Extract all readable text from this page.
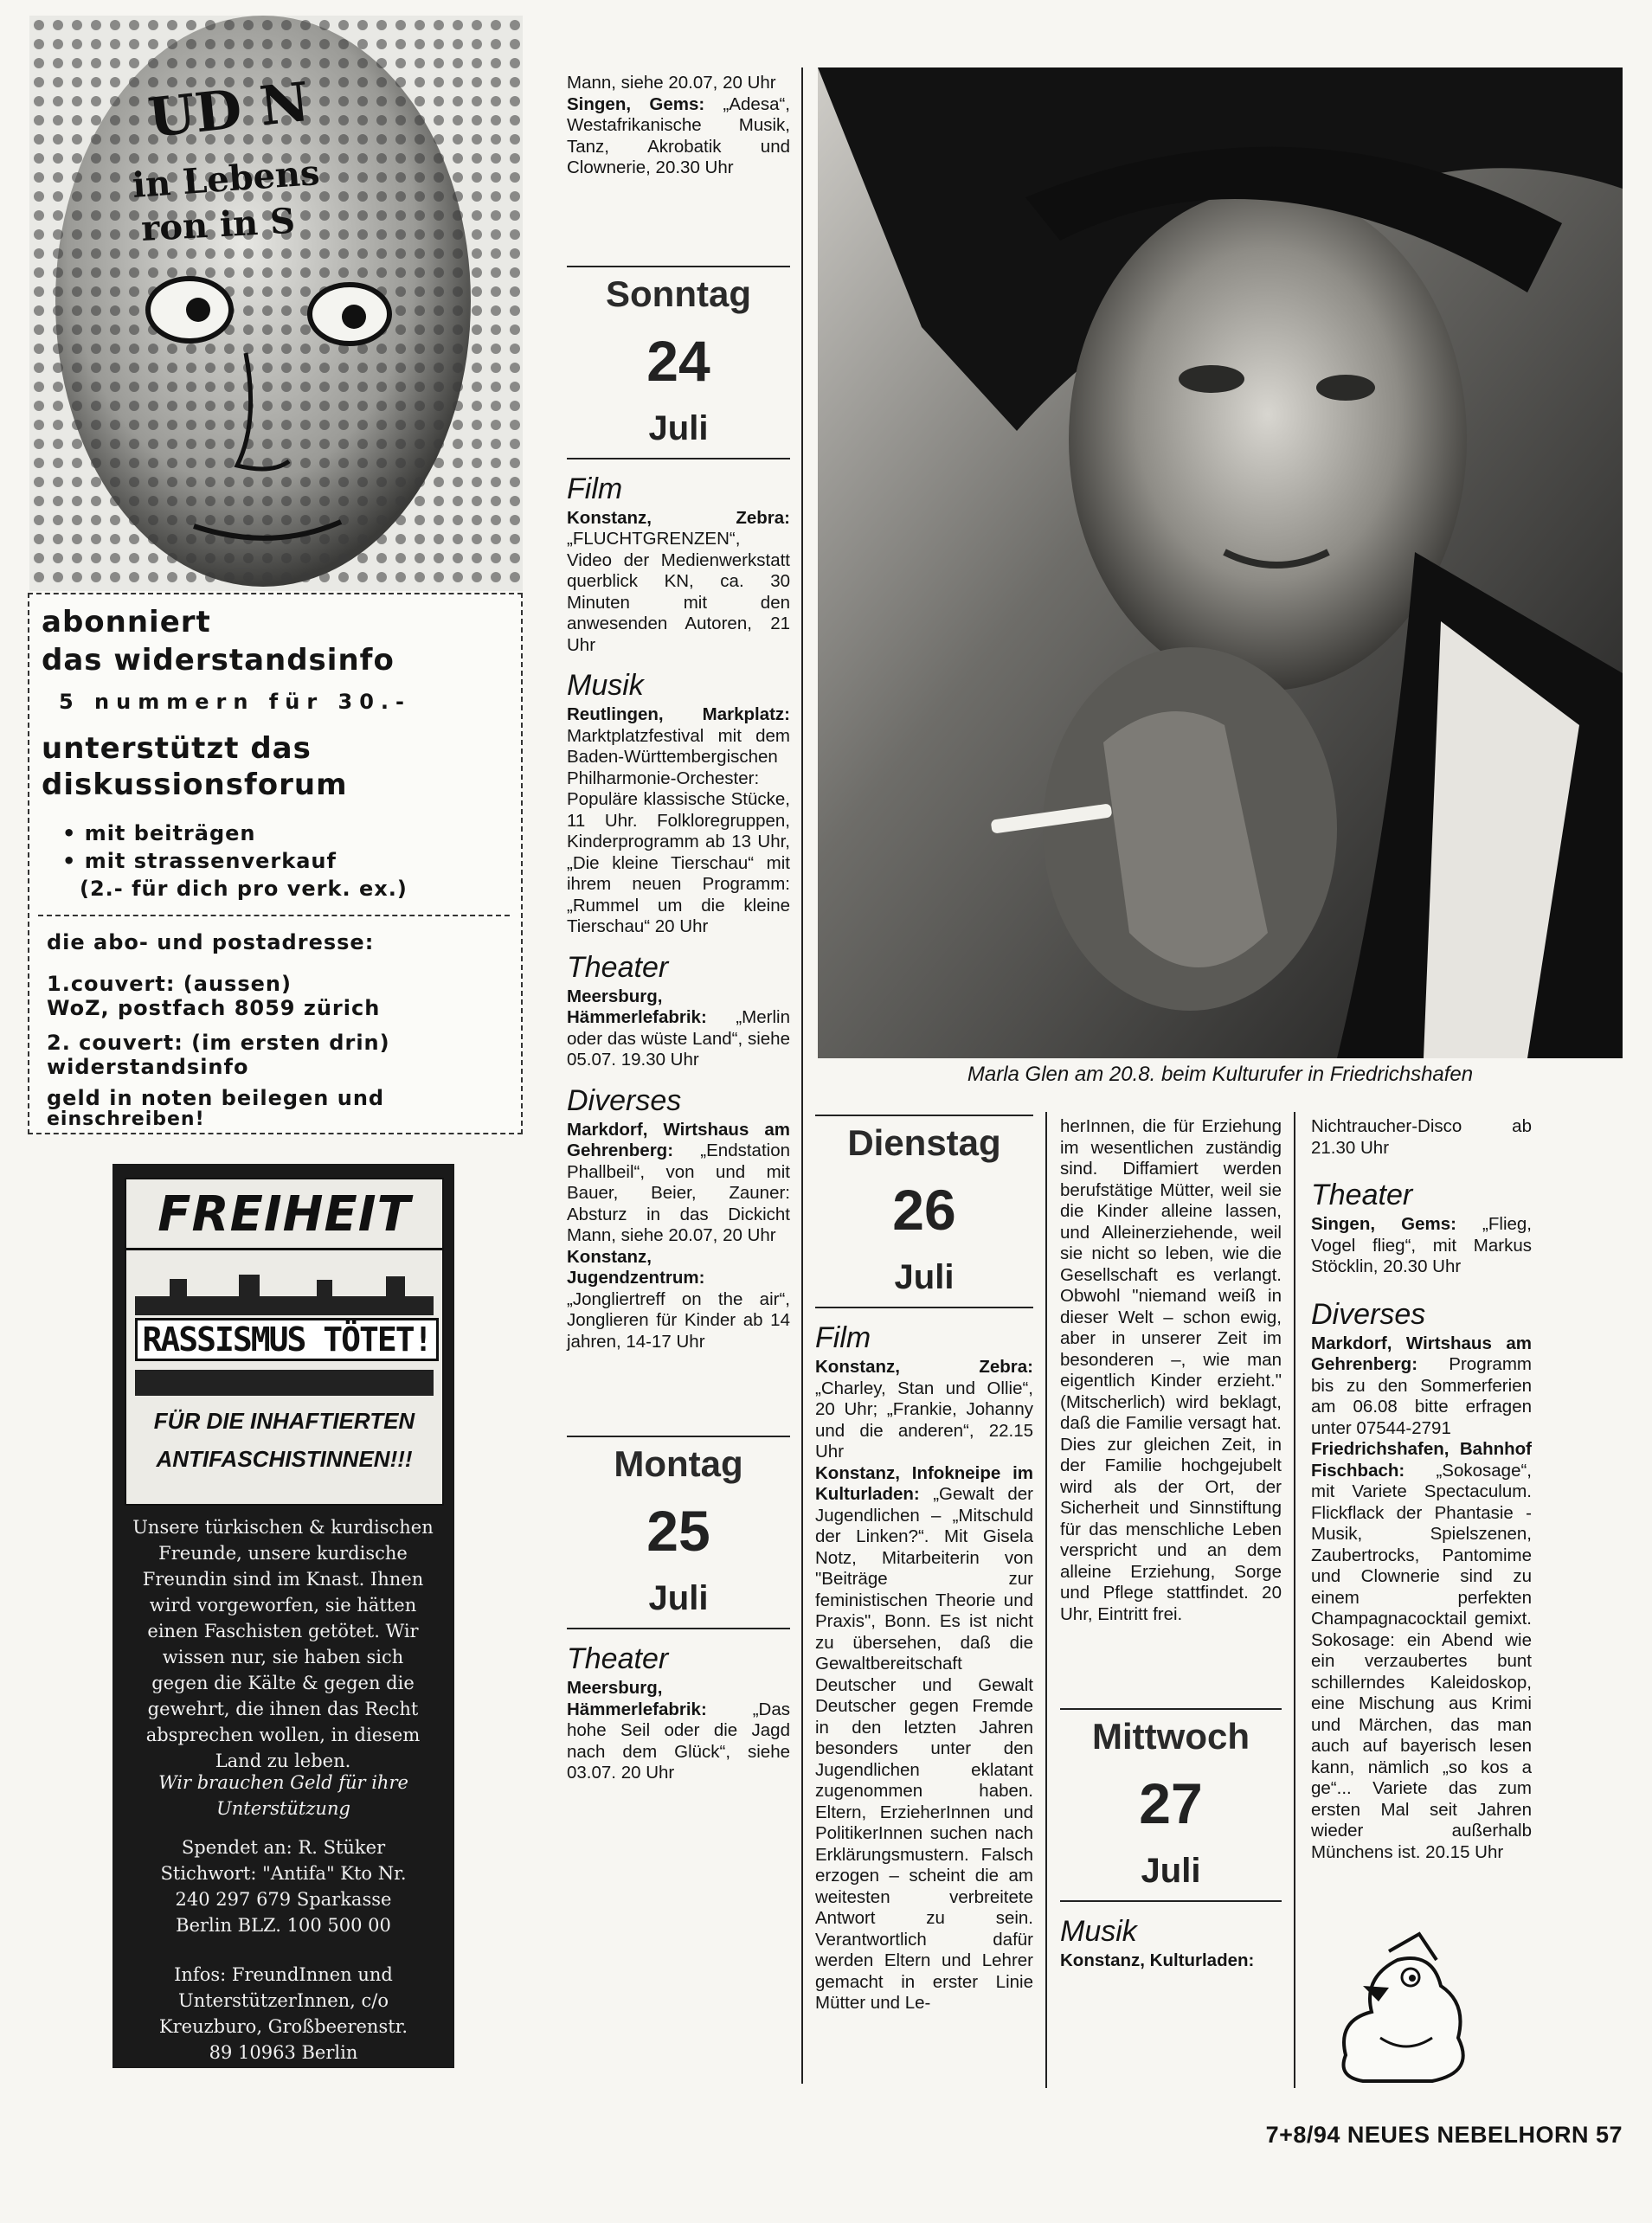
UD N
in Lebens
ron in S
abonniert
das widerstandsinfo
5 nummern für 30.-
unterstützt das
diskussionsforum
• mit beiträgen
• mit strassenverkauf
(2.- für dich pro verk. ex.)
die abo- und postadresse:
1.couvert: (aussen)
WoZ, postfach 8059 zürich
2. couvert: (im ersten drin)
widerstandsinfo
geld in noten beilegen und
einschreiben!
FREIHEIT
RASSISMUS TÖTET!
FÜR DIE INHAFTIERTEN
ANTIFASCHISTINNEN!!!
Unsere türkischen & kurdischen Freunde, unsere kurdische Freundin sind im Knast. Ihnen wird vorgeworfen, sie hätten einen Faschisten getötet. Wir wissen nur, sie haben sich gegen die Kälte & gegen die gewehrt, die ihnen das Recht absprechen wollen, in diesem Land zu leben.
Wir brauchen Geld für ihre Unterstützung
Spendet an: R. Stüker Stichwort: "Antifa" Kto Nr. 240 297 679 Sparkasse Berlin BLZ. 100 500 00
Infos: FreundInnen und UnterstützerInnen, c/o Kreuzburo, Großbeerenstr. 89 10963 Berlin

Mann, siehe 20.07, 20 Uhr

Singen, Gems: „Adesa“, Westafrikanische Musik, Tanz, Akrobatik und Clownerie, 20.30 Uhr

Sonntag
24
Juli
Film

Konstanz, Zebra: „FLUCHTGRENZEN“, Video der Medienwerkstatt querblick KN, ca. 30 Minuten mit den anwesenden Autoren, 21 Uhr

Musik

Reutlingen, Markplatz: Marktplatzfestival mit dem Baden-Württembergischen Philharmonie-Orchester: Populäre klassische Stücke, 11 Uhr. Folkloregruppen, Kinderprogramm ab 13 Uhr, „Die kleine Tierschau“ mit ihrem neuen Programm: „Rummel um die kleine Tierschau“ 20 Uhr

Theater

Meersburg, Hämmerlefabrik: „Merlin oder das wüste Land“, siehe 05.07. 19.30 Uhr

Diverses

Markdorf, Wirtshaus am Gehrenberg: „Endstation Phallbeil“, von und mit Bauer, Beier, Zauner: Absturz in das Dickicht Mann, siehe 20.07, 20 Uhr

Konstanz, Jugendzentrum: „Jongliertreff on the air“, Jonglieren für Kinder ab 14 jahren, 14-17 Uhr

Montag
25
Juli
Theater

Meersburg, Hämmerlefabrik: „Das hohe Seil oder die Jagd nach dem Glück“, siehe 03.07. 20 Uhr

Marla Glen am 20.8. beim Kulturufer in Friedrichshafen
Dienstag
26
Juli
Film

Konstanz, Zebra: „Charley, Stan und Ollie“, 20 Uhr; „Frankie, Johanny und die anderen“, 22.15 Uhr

Konstanz, Infokneipe im Kulturladen: „Gewalt der Jugendlichen – „Mitschuld der Linken?“. Mit Gisela Notz, Mitarbeiterin von "Beiträge zur feministischen Theorie und Praxis", Bonn. Es ist nicht zu übersehen, daß die Gewaltbereitschaft Deutscher und Gewalt Deutscher gegen Fremde in den letzten Jahren besonders unter den Jugendlichen eklatant zugenommen haben. Eltern, ErzieherInnen und PolitikerInnen suchen nach Erklärungsmustern. Falsch erzogen – scheint die am weitesten verbreitete Antwort zu sein. Verantwortlich dafür werden Eltern und Lehrer gemacht in erster Linie Mütter und Le-

herInnen, die für Erziehung im wesentlichen zuständig sind. Diffamiert werden berufstätige Mütter, weil sie die Kinder alleine lassen, und Alleinerziehende, weil sie nicht so leben, wie die Gesellschaft es verlangt. Obwohl "niemand weiß in dieser Welt – schon ewig, aber in unserer Zeit im besonderen –, wie man eigentlich Kinder erzieht." (Mitscherlich) wird beklagt, daß die Familie versagt hat. Dies zur gleichen Zeit, in der Familie hochgejubelt wird als der Ort, der Sicherheit und Sinnstiftung für das menschliche Leben verspricht und an dem alleine Erziehung, Sorge und Pflege stattfindet. 20 Uhr, Eintritt frei.

Mittwoch
27
Juli
Musik

Konstanz, Kulturladen:

Nichtraucher-Disco ab 21.30 Uhr

Theater

Singen, Gems: „Flieg, Vogel flieg“, mit Markus Stöcklin, 20.30 Uhr

Diverses

Markdorf, Wirtshaus am Gehrenberg: Programm bis zu den Sommerferien am 06.08 bitte erfragen unter 07544-2791

Friedrichshafen, Bahnhof Fischbach: „Sokosage“, mit Variete Spectaculum. Flickflack der Phantasie - Musik, Spielszenen, Zaubertrocks, Pantomime und Clownerie sind zu einem perfekten Champagnacocktail gemixt. Sokosage: ein Abend wie ein verzaubertes bunt schillerndes Kaleidoskop, eine Mischung aus Krimi und Märchen, das man auch auf bayerisch lesen kann, nämlich „so kos a ge“... Variete das zum ersten Mal seit Jahren wieder außerhalb Münchens ist. 20.15 Uhr

7+8/94 NEUES NEBELHORN 57
